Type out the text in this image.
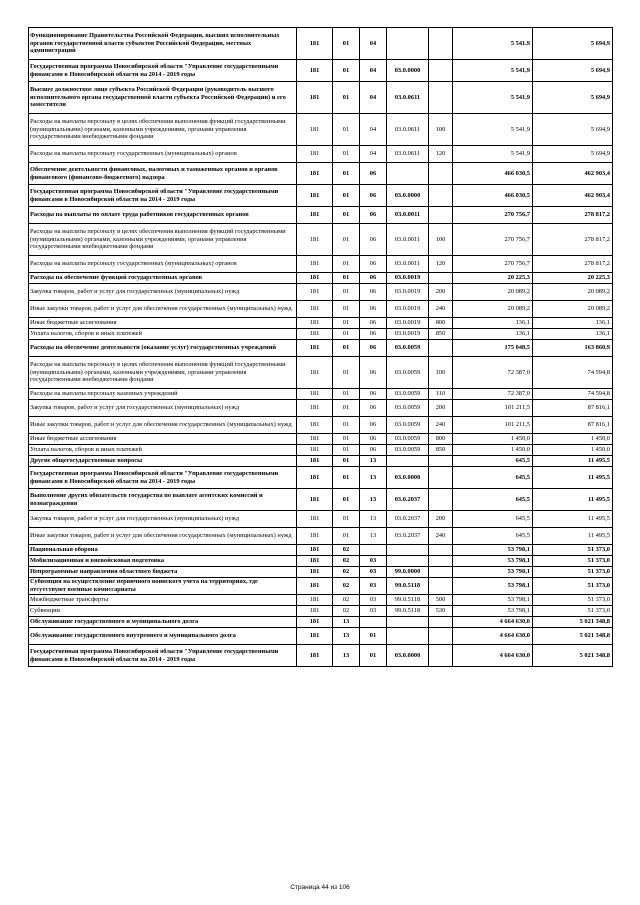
Функционирование Правительства Российской Федерации, высших исполнительных органов государственной власти субъектов Российской Федерации, местных администраций	181	01	04			5 541,9	5 694,9
Государственная программа Новосибирской области "Управление государственными финансами в Новосибирской области на 2014 - 2019 годы	181	01	04	03.0.0000		5 541,9	5 694,9
Высшее должностное лицо субъекта Российской Федерации (руководитель высшего исполнительного органа государственной власти субъекта Российской Федерации) и его заместители	181	01	04	03.0.0611		5 541,9	5 694,9
Расходы на выплаты персоналу в целях обеспечения выполнения функций государственными (муниципальными) органами, казенными учреждениями, органами управления государственными внебюджетными фондами	181	01	04	03.0.0611	100	5 541,9	5 694,9
Расходы на выплаты персоналу государственных (муниципальных) органов	181	01	04	03.0.0611	120	5 541,9	5 694,9
Обеспечение деятельности финансовых, налоговых и таможенных органов и органов финансового (финансово-бюджетного) надзора	181	01	06			466 030,5	462 903,4
Государственная программа Новосибирской области "Управление государственными финансами в Новосибирской области на 2014 - 2019 годы	181	01	06	03.0.0000		466 030,5	462 903,4
Расходы на выплаты по оплате труда работников государственных органов	181	01	06	03.0.0011		270 756,7	278 817,2
Расходы на выплаты персоналу в целях обеспечения выполнения функций государственными (муниципальными) органами, казенными учреждениями, органами управления государственными внебюджетными фондами	181	01	06	03.0.0011	100	270 756,7	278 817,2
Расходы на выплаты персоналу государственных (муниципальных) органов	181	01	06	03.0.0011	120	270 756,7	278 817,2
Расходы на обеспечение функций государственных органов	181	01	06	03.0.0019		20 225,3	20 225,3
Закупка товаров, работ и услуг для государственных (муниципальных) нужд	181	01	06	03.0.0019	200	20 089,2	20 089,2
Иные закупки товаров, работ и услуг для обеспечения государственных (муниципальных) нужд	181	01	06	03.0.0019	240	20 089,2	20 089,2
Иные бюджетные ассигнования	181	01	06	03.0.0019	800	136,1	136,1
Уплата налогов, сборов и иных платежей	181	01	06	03.0.0019	850	136,1	136,1
Расходы на обеспечение деятельности (оказание услуг) государственных учреждений	181	01	06	03.0.0059		175 048,5	163 860,9
Расходы на выплаты персоналу в целях обеспечения выполнения функций государственными (муниципальными) органами, казенными учреждениями, органами управления государственными внебюджетными фондами	181	01	06	03.0.0059	100	72 387,0	74 594,8
Расходы на выплаты персоналу казенных учреждений	181	01	06	03.0.0059	110	72 387,0	74 594,8
Закупка товаров, работ и услуг для государственных (муниципальных) нужд	181	01	06	03.0.0059	200	101 211,5	87 816,1
Иные закупки товаров, работ и услуг для обеспечения государственных (муниципальных) нужд	181	01	06	03.0.0059	240	101 211,5	87 816,1
Иные бюджетные ассигнования	181	01	06	03.0.0059	800	1 450,0	1 450,0
Уплата налогов, сборов и иных платежей	181	01	06	03.0.0059	850	1 450,0	1 450,0
Другие общегосударственные вопросы	181	01	13			645,5	11 495,5
Государственная программа Новосибирской области "Управление государственными финансами в Новосибирской области на 2014 - 2019 годы	181	01	13	03.0.0000		645,5	11 495,5
Выполнение других обязательств государства по выплате агентских комиссий и вознаграждения	181	01	13	03.0.2037		645,5	11 495,5
Закупка товаров, работ и услуг для государственных (муниципальных) нужд	181	01	13	03.0.2037	200	645,5	11 495,5
Иные закупки товаров, работ и услуг для обеспечения государственных (муниципальных) нужд	181	01	13	03.0.2037	240	645,5	11 495,5
Национальная оборона	181	02				53 798,1	51 373,0
Мобилизационная и вневойсковая подготовка	181	02	03			53 798,1	51 373,0
Непрограммные направления областного бюджета	181	02	03	99.0.0000		53 798,1	51 373,0
Субвенция на осуществление первичного воинского учета на территориях, где отсутствуют военные комиссариаты	181	02	03	99.0.5118		53 798,1	51 373,0
Межбюджетные трансферты	181	02	03	99.0.5118	500	53 798,1	51 373,0
Субвенции	181	02	03	99.0.5118	530	53 798,1	51 373,0
Обслуживание государственного и муниципального долга	181	13				4 664 630,0	5 021 348,8
Обслуживание государственного внутреннего и муниципального долга	181	13	01			4 664 630,0	5 021 348,8
Государственная программа Новосибирской области "Управление государственными финансами в Новосибирской области на 2014 - 2019 годы	181	13	01	03.0.0000		4 664 630,0	5 021 348,8
Страница 44 из 106
